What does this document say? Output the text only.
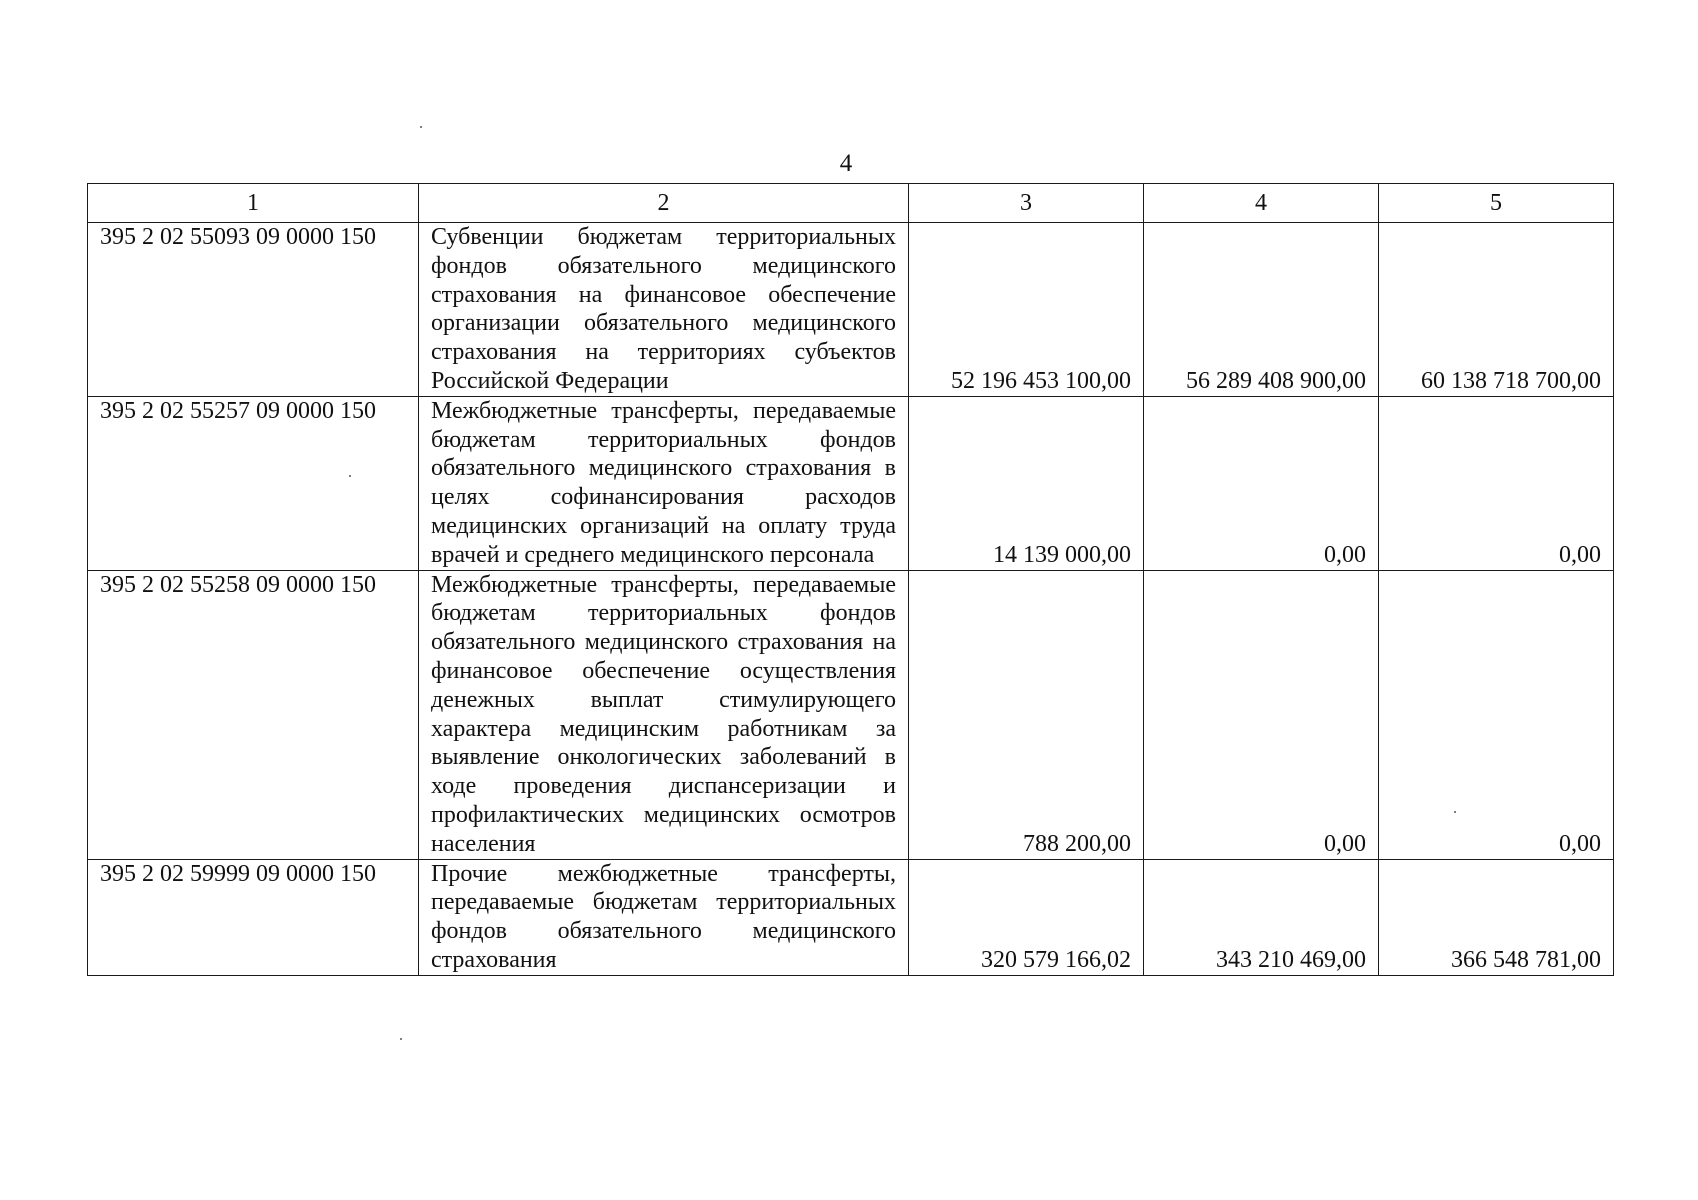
4
1	2	3	4	5
395 2 02 55093 09 0000 150	Субвенции бюджетам территориальных фондов обязательного медицинского страхования на финансовое обеспечение организации обязательного медицинского страхования на территориях субъектов Российской Федерации	52 196 453 100,00	56 289 408 900,00	60 138 718 700,00
395 2 02 55257 09 0000 150	Межбюджетные трансферты, передаваемые бюджетам территориальных фондов обязательного медицинского страхования в целях софинансирования расходов медицинских организаций на оплату труда врачей и среднего медицинского персонала	14 139 000,00	0,00	0,00
395 2 02 55258 09 0000 150	Межбюджетные трансферты, передаваемые бюджетам территориальных фондов обязательного медицинского страхования на финансовое обеспечение осуществления денежных выплат стимулирующего характера медицинским работникам за выявление онкологических заболеваний в ходе проведения диспансеризации и профилактических медицинских осмотров населения	788 200,00	0,00	0,00
395 2 02 59999 09 0000 150	Прочие межбюджетные трансферты, передаваемые бюджетам территориальных фондов обязательного медицинского страхования	320 579 166,02	343 210 469,00	366 548 781,00
